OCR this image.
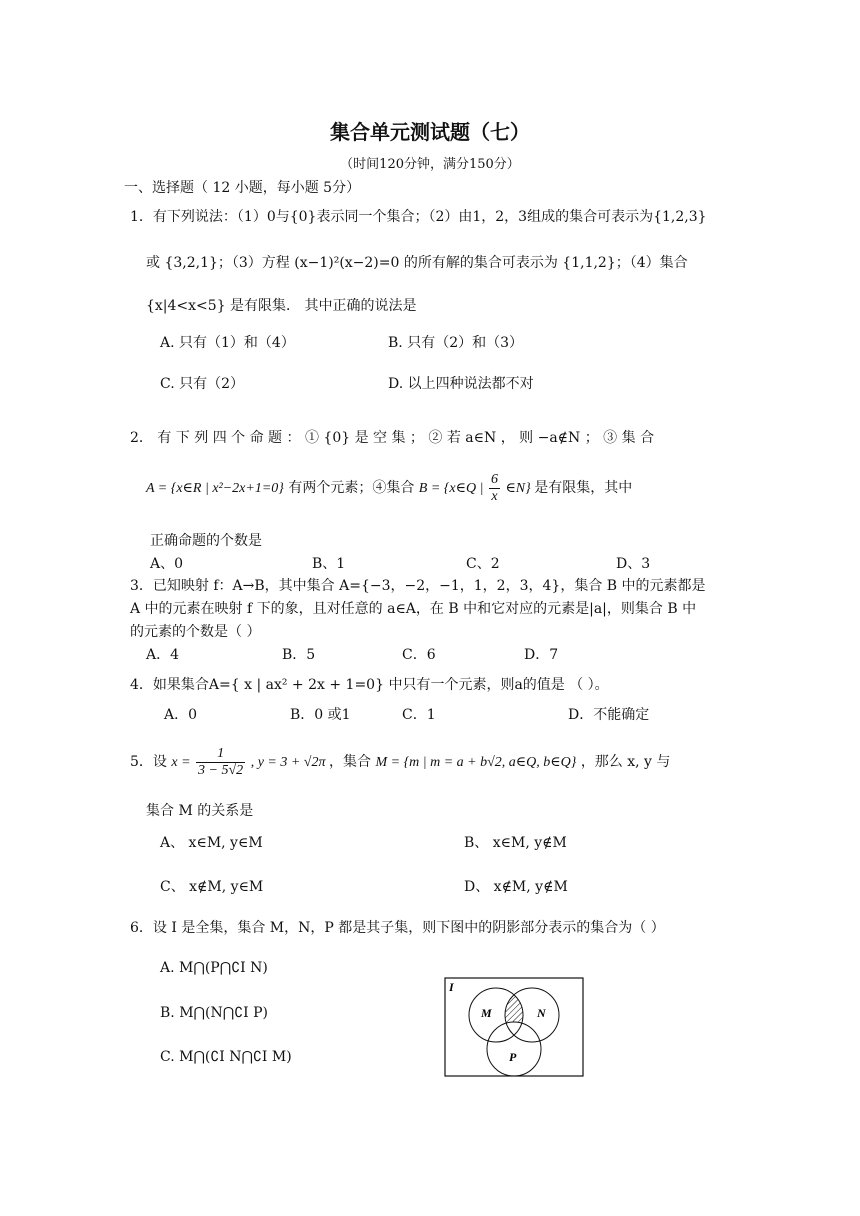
集合单元测试题（七）
（时间120分钟，满分150分）
一、选择题（ 12 小题，每小题 5分）
1．有下列说法：（1）0与{0}表示同一个集合；（2）由1，2，3组成的集合可表示为{1,2,3}
或 {3,2,1}；（3）方程 (x−1)²(x−2)=0 的所有解的集合可表示为 {1,1,2}；（4）集合
{x|4<x<5} 是有限集． 其中正确的说法是
A. 只有（1）和（4）	B. 只有（2）和（3）
C. 只有（2）	D. 以上四种说法都不对
2． 有 下 列 四 个 命 题 ： ① {0} 是 空 集 ； ② 若 a∈N ， 则 −a∉N ； ③ 集 合
A = {x∈R | x²−2x+1=0} 有两个元素；④集合 B = {x∈Q | $\frac{6}{x}$ ∈N} 是有限集，其中
正确命题的个数是
A、0	B、1	C、2	D、3
3．已知映射 f：A→B，其中集合 A={−3，−2，−1，1，2，3，4}，集合 B 中的元素都是
A 中的元素在映射 f 下的象，且对任意的 a∈A，在 B 中和它对应的元素是|a|，则集合 B 中
的元素的个数是（ ）
A．4	B．5	C．6	D．7
4．如果集合A={ x | ax² + 2x + 1=0} 中只有一个元素，则a的值是 （ ）。
A．0	B．0 或1	C．1	D．不能确定
5．设 $x = \frac{1}{3 - 5√2}$ , y = 3 + √2π ，集合 M = {m | m = a + b√2, a∈Q, b∈Q} ，那么 x, y 与
集合 M 的关系是
A、 x∈M, y∈M	B、 x∈M, y∉M
C、 x∉M, y∈M	D、 x∉M, y∉M
6．设 I 是全集，集合 M，N，P 都是其子集，则下图中的阴影部分表示的集合为（ ）
A. M⋂(P⋂∁I N)
B. M⋂(N⋂∁I P)
C. M⋂(∁I N⋂∁I M)
I
M	N
P
